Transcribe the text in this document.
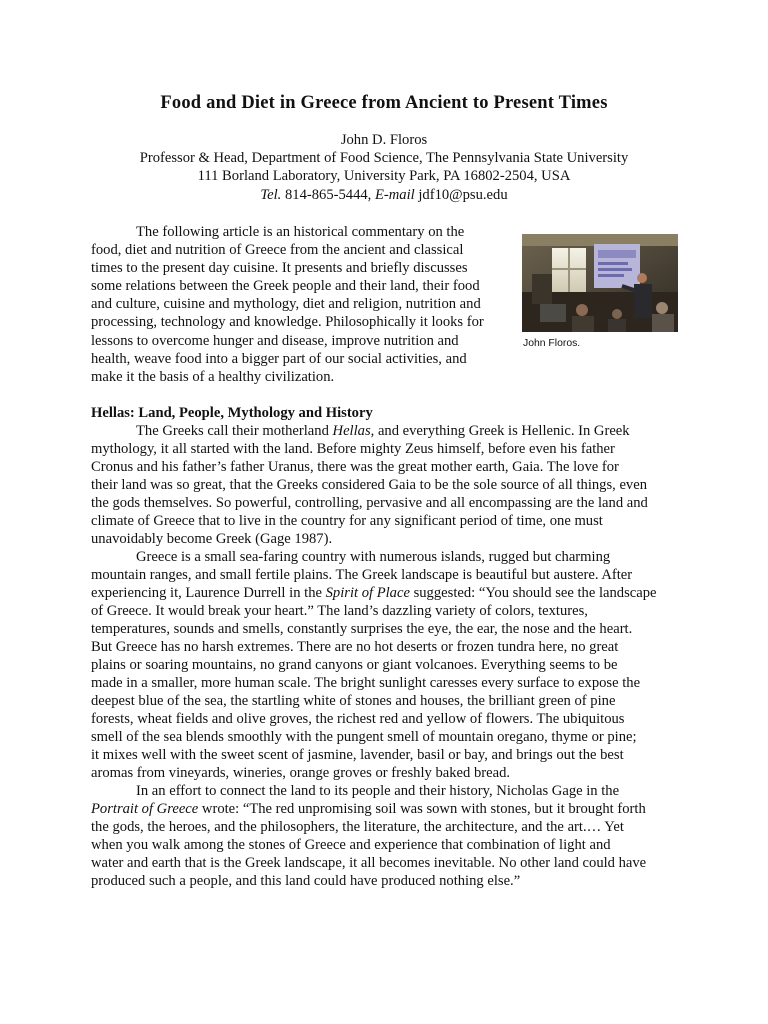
Food and Diet in Greece from Ancient to Present Times
John D. Floros
Professor & Head, Department of Food Science, The Pennsylvania State University
111 Borland Laboratory, University Park, PA 16802-2504, USA
Tel. 814-865-5444, E-mail jdf10@psu.edu
The following article is an historical commentary on the
food, diet and nutrition of Greece from the ancient and classical
times to the present day cuisine. It presents and briefly discusses
some relations between the Greek people and their land, their food
and culture, cuisine and mythology, diet and religion, nutrition and
processing, technology and knowledge. Philosophically it looks for
lessons to overcome hunger and disease, improve nutrition and
health, weave food into a bigger part of our social activities, and
make it the basis of a healthy civilization.
John Floros.
Hellas: Land, People, Mythology and History
The Greeks call their motherland Hellas, and everything Greek is Hellenic. In Greek
mythology, it all started with the land. Before mighty Zeus himself, before even his father
Cronus and his father’s father Uranus, there was the great mother earth, Gaia. The love for
their land was so great, that the Greeks considered Gaia to be the sole source of all things, even
the gods themselves. So powerful, controlling, pervasive and all encompassing are the land and
climate of Greece that to live in the country for any significant period of time, one must
unavoidably become Greek (Gage 1987).
Greece is a small sea-faring country with numerous islands, rugged but charming
mountain ranges, and small fertile plains. The Greek landscape is beautiful but austere. After
experiencing it, Laurence Durrell in the Spirit of Place suggested: “You should see the landscape
of Greece. It would break your heart.” The land’s dazzling variety of colors, textures,
temperatures, sounds and smells, constantly surprises the eye, the ear, the nose and the heart.
But Greece has no harsh extremes. There are no hot deserts or frozen tundra here, no great
plains or soaring mountains, no grand canyons or giant volcanoes. Everything seems to be
made in a smaller, more human scale. The bright sunlight caresses every surface to expose the
deepest blue of the sea, the startling white of stones and houses, the brilliant green of pine
forests, wheat fields and olive groves, the richest red and yellow of flowers. The ubiquitous
smell of the sea blends smoothly with the pungent smell of mountain oregano, thyme or pine;
it mixes well with the sweet scent of jasmine, lavender, basil or bay, and brings out the best
aromas from vineyards, wineries, orange groves or freshly baked bread.
In an effort to connect the land to its people and their history, Nicholas Gage in the
Portrait of Greece wrote: “The red unpromising soil was sown with stones, but it brought forth
the gods, the heroes, and the philosophers, the literature, the architecture, and the art.… Yet
when you walk among the stones of Greece and experience that combination of light and
water and earth that is the Greek landscape, it all becomes inevitable. No other land could have
produced such a people, and this land could have produced nothing else.”
